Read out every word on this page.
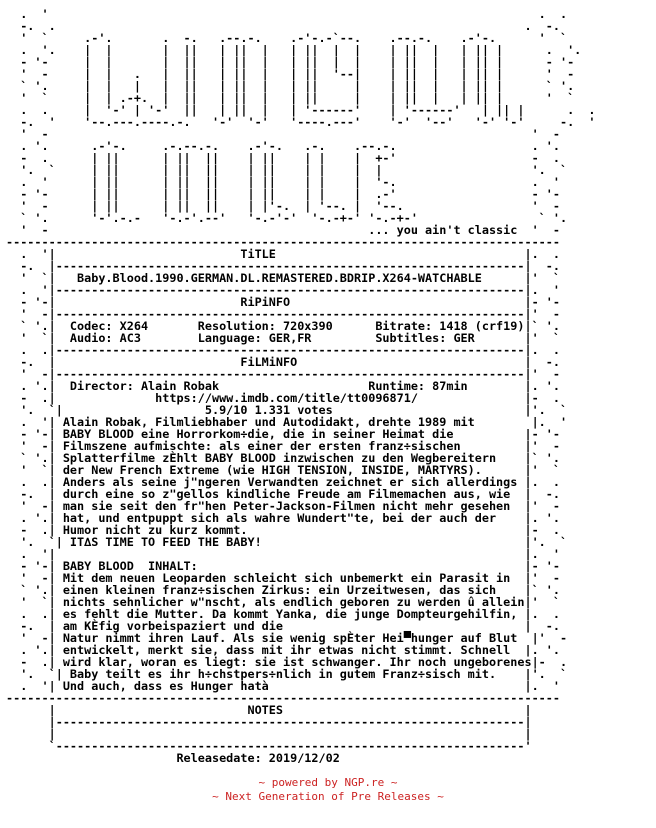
.  '                                                                     .  .
-.  .                                                                  .  -.
'  `     .-'.       .  -.   .--.-.    .-'-.-`--.    .--.-.    .-'-.      '  `
.  '.    |  |       |  ||   | ||  |   | ||  |  |    | ||  |   | || |      .  '.
- '-     |  |       |  ||   | ||  |   | ||  |  |    | ||  |   | || |      - '-
'  -     |  |   .   |  ||   | ||  |   | ||  '--|    | ||  |   | || |      '  -
` '.     |  |   |   |  ||   | ||  |   | ||     |    | ||  |   | || |      ` '.
'  `     |  | .-+.  |  ||   | ||  |   | ||     |    | ||  |   | || |      '  `
.  .     |  '-' | '-'  ||   | ||  |   | '------'    | '------'   | || |      .  .
-.  '    '--.---.----.-.   '-'  '-'   '----.---'    '-'  '--'   '-' '-'     -.  '
'  -                                                                    '  -
. '.      .-'-.     .-.--.-.    .-'-.   .-.    .--.-.                   . '.
-  .      | ||      | ||  ||    | ||    | |    |  +-'                   -  .
'.  `     | ||      | ||  ||    | ||    | |    |  |                     '.  `
.  '      | ||      | ||  ||    | ||    | |    |  '-.                   .  '
- '-      | ||      | ||  ||    | ||    | |    |  .-'                   - '-
'  -      | ||      | ||  ||    | |'-.  | '--. |  '--.                  '  -
` '.      '-'.-.-   '-.-'.--'   '-.-'-'  '-.-+-' '-.-+-'                 ` '.
'  -                                             ... you ain't classic  '  -
------------------------------------------------------------------------------
.  '|                          TiTLE                                   |.  .
-.  |------------------------------------------------------------------|  -.
'  `|   Baby.Blood.1990.GERMAN.DL.REMASTERED.BDRIP.X264-WATCHABLE      |'  `
.  '|------------------------------------------------------------------|.  '
- '-|                          RiPiNFO                                 |- '-
'  -|------------------------------------------------------------------|'  -
` '.|  Codec: X264       Resolution: 720x390      Bitrate: 1418 (crf19)|` '.
'  `|  Audio: AC3        Language: GER,FR         Subtitles: GER       |'  `
.  .|------------------------------------------------------------------|.  .
-.  |                          FiLMiNFO                                |  -.
'  -|------------------------------------------------------------------|'  -
. '.|  Director: Alain Robak                     Runtime: 87min        |. '.
-  .|              https://www.imdb.com/title/tt0096871/               |-  .
'.  `|                    5.9/10 1.331 votes                           |'.  `
.  '| Alain Robak, Filmliebhaber und Autodidakt, drehte 1989 mit        |.  '
- '-| BABY BLOOD eine Horrorkom÷die, die in seiner Heimat die          |- '-
'  -| Filmszene aufmischte: als einer der ersten franz÷sischen         |'  -
` '.| Splatterfilme zÈhlt BABY BLOOD inzwischen zu den Wegbereitern    |` '.
'  `| der New French Extreme (wie HIGH TENSION, INSIDE, MARTYRS).      |'  `
.  .| Anders als seine j"ngeren Verwandten zeichnet er sich allerdings |.  .
-.  | durch eine so z"gellos kindliche Freude am Filmemachen aus, wie  |  -.
'  -| man sie seit den fr"hen Peter-Jackson-Filmen nicht mehr gesehen  |'  -
. '.| hat, und entpuppt sich als wahre Wundert"te, bei der auch der    |. '.
-  .| Humor nicht zu kurz kommt.                                       |-  .
'.  `| IT∆S TIME TO FEED THE BABY!                                     |'.  `
.  '|                                                                  |.  '
- '-| BABY BLOOD  INHALT:                                              |- '-
'  -| Mit dem neuen Leoparden schleicht sich unbemerkt ein Parasit in  |'  -
` '.| einen kleinen franz÷sischen Zirkus: ein Urzeitwesen, das sich    |` '.
'  `| nichts sehnlicher w"nscht, als endlich geboren zu werden û allein|'  `
.  .| es fehlt die Mutter. Da kommt Yanka, die junge Dompteurgehilfin, |.  .
-.  | am KÈfig vorbeispaziert und die                                  |  -.
'  -| Natur nimmt ihren Lauf. Als sie wenig spÈter Hei▀hunger auf Blut  |'  -
. '.| entwickelt, merkt sie, dass mit ihr etwas nicht stimmt. Schnell  |. '.
-  .| wird klar, woran es liegt: sie ist schwanger. Ihr noch ungeborenes|-  .
'.  `| Baby teilt es ihr h÷chstpers÷nlich in gutem Franz÷sisch mit.    |'.  `
.  '| Und auch, dass es Hunger hatà                                    |.  '
------------------------------------------------------------------------------
|                           NOTES                                  |
|------------------------------------------------------------------|
|                                                                  |
`------------------------------------------------------------------'
Releasedate: 2019/12/02
~ powered by NGP.re ~
~ Next Generation of Pre Releases ~
